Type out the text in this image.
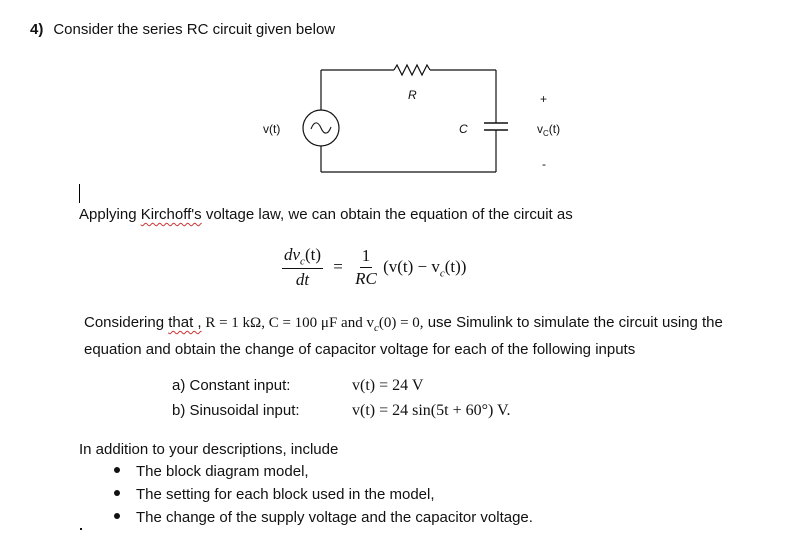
4) Consider the series RC circuit given below
v(t)
R
C
+
-
$v_C(t)$
Applying Kirchoff's voltage law, we can obtain the equation of the circuit as
$\frac{dv_c(t)}{dt} = \frac{1}{RC} (v(t) - v_c(t))$
Considering that , R = 1 kΩ, C = 100 μF and $v_c(0) = 0$, use Simulink to simulate the circuit using the equation and obtain the change of capacitor voltage for each of the following inputs
a) Constant input:	v(t) = 24 V
b) Sinusoidal input:	v(t) = 24 sin(5t + 60°) V.
In addition to your descriptions, include
The block diagram model,
The setting for each block used in the model,
The change of the supply voltage and the capacitor voltage.
